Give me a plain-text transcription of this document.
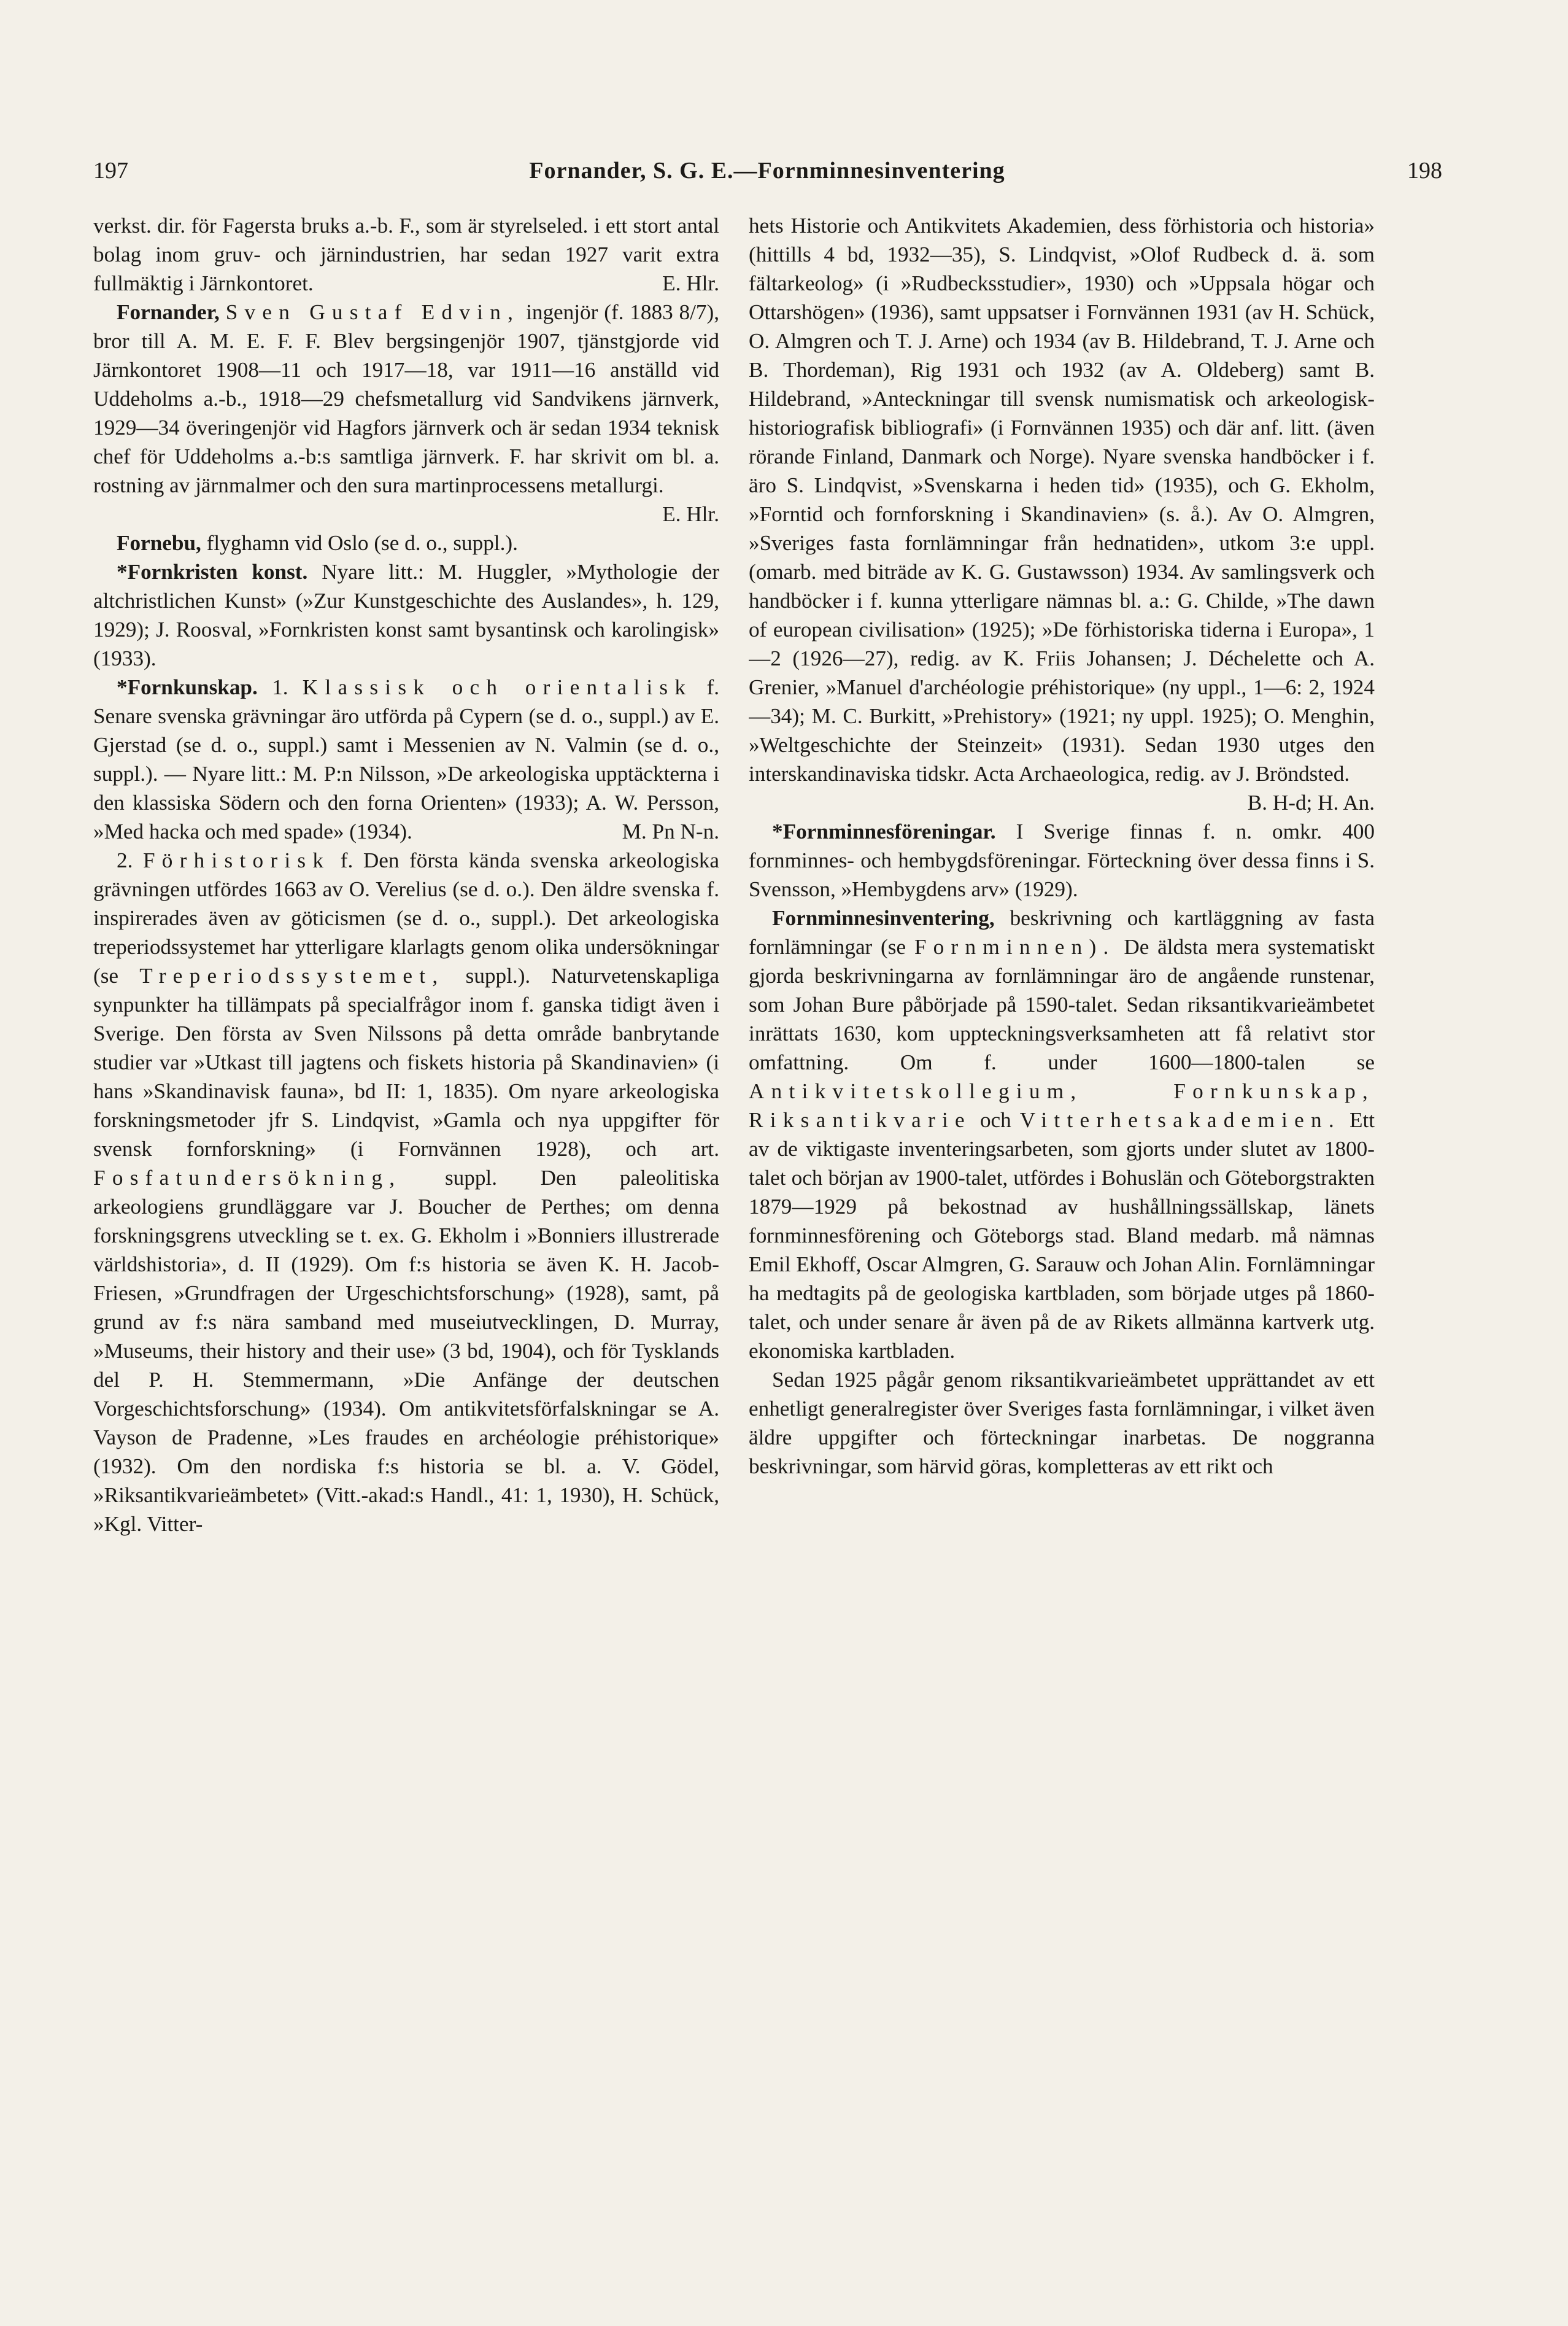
197	Fornander, S. G. E.—Fornminnesinventering	198

verkst. dir. för Fagersta bruks a.-b. F., som är styrelseled. i ett stort antal bolag inom gruv- och järnindustrien, har sedan 1927 varit extra fullmäktig i Järnkontoret.	E. Hlr.

Fornander, Sven Gustaf Edvin, ingenjör (f. 1883 8/7), bror till A. M. E. F. F. Blev bergsingenjör 1907, tjänstgjorde vid Järnkontoret 1908—11 och 1917—18, var 1911—16 anställd vid Uddeholms a.-b., 1918—29 chefsmetallurg vid Sandvikens järnverk, 1929—34 överingenjör vid Hagfors järnverk och är sedan 1934 teknisk chef för Uddeholms a.-b:s samtliga järnverk. F. har skrivit om bl. a. rostning av järnmalmer och den sura martinprocessens metallurgi.
E. Hlr.

Fornebu, flyghamn vid Oslo (se d. o., suppl.).

*Fornkristen konst. Nyare litt.: M. Huggler, »Mythologie der altchristlichen Kunst» (»Zur Kunstgeschichte des Auslandes», h. 129, 1929); J. Roosval, »Fornkristen konst samt bysantinsk och karolingisk» (1933).

*Fornkunskap. 1. Klassisk och orientalisk f. Senare svenska grävningar äro utförda på Cypern (se d. o., suppl.) av E. Gjerstad (se d. o., suppl.) samt i Messenien av N. Valmin (se d. o., suppl.). — Nyare litt.: M. P:n Nilsson, »De arkeologiska upptäckterna i den klassiska Södern och den forna Orienten» (1933); A. W. Persson, »Med hacka och med spade» (1934).	M. Pn N-n.

2. Förhistorisk f. Den första kända svenska arkeologiska grävningen utfördes 1663 av O. Verelius (se d. o.). Den äldre svenska f. inspirerades även av göticismen (se d. o., suppl.). Det arkeologiska treperiodssystemet har ytterligare klarlagts genom olika undersökningar (se Treperiodssystemet, suppl.). Naturvetenskapliga synpunkter ha tillämpats på specialfrågor inom f. ganska tidigt även i Sverige. Den första av Sven Nilssons på detta område banbrytande studier var »Utkast till jagtens och fiskets historia på Skandinavien» (i hans »Skandinavisk fauna», bd II: 1, 1835). Om nyare arkeologiska forskningsmetoder jfr S. Lindqvist, »Gamla och nya uppgifter för svensk fornforskning» (i Fornvännen 1928), och art. Fosfatundersökning, suppl. Den paleolitiska arkeologiens grundläggare var J. Boucher de Perthes; om denna forskningsgrens utveckling se t. ex. G. Ekholm i »Bonniers illustrerade världshistoria», d. II (1929). Om f:s historia se även K. H. Jacob-Friesen, »Grundfragen der Urgeschichtsforschung» (1928), samt, på grund av f:s nära samband med museiutvecklingen, D. Murray, »Museums, their history and their use» (3 bd, 1904), och för Tysklands del P. H. Stemmermann, »Die Anfänge der deutschen Vorgeschichtsforschung» (1934). Om antikvitetsförfalskningar se A. Vayson de Pradenne, »Les fraudes en archéologie préhistorique» (1932). Om den nordiska f:s historia se bl. a. V. Gödel, »Riksantikvarieämbetet» (Vitt.-akad:s Handl., 41: 1, 1930), H. Schück, »Kgl. Vitter-

hets Historie och Antikvitets Akademien, dess förhistoria och historia» (hittills 4 bd, 1932—35), S. Lindqvist, »Olof Rudbeck d. ä. som fältarkeolog» (i »Rudbecksstudier», 1930) och »Uppsala högar och Ottarshögen» (1936), samt uppsatser i Fornvännen 1931 (av H. Schück, O. Almgren och T. J. Arne) och 1934 (av B. Hildebrand, T. J. Arne och B. Thordeman), Rig 1931 och 1932 (av A. Oldeberg) samt B. Hildebrand, »Anteckningar till svensk numismatisk och arkeologisk-historiografisk bibliografi» (i Fornvännen 1935) och där anf. litt. (även rörande Finland, Danmark och Norge). Nyare svenska handböcker i f. äro S. Lindqvist, »Svenskarna i heden tid» (1935), och G. Ekholm, »Forntid och fornforskning i Skandinavien» (s. å.). Av O. Almgren, »Sveriges fasta fornlämningar från hednatiden», utkom 3:e uppl. (omarb. med biträde av K. G. Gustawsson) 1934. Av samlingsverk och handböcker i f. kunna ytterligare nämnas bl. a.: G. Childe, »The dawn of european civilisation» (1925); »De förhistoriska tiderna i Europa», 1—2 (1926—27), redig. av K. Friis Johansen; J. Déchelette och A. Grenier, »Manuel d'archéologie préhistorique» (ny uppl., 1—6: 2, 1924—34); M. C. Burkitt, »Prehistory» (1921; ny uppl. 1925); O. Menghin, »Weltgeschichte der Steinzeit» (1931). Sedan 1930 utges den interskandinaviska tidskr. Acta Archaeologica, redig. av J. Bröndsted.
B. H-d; H. An.

*Fornminnesföreningar. I Sverige finnas f. n. omkr. 400 fornminnes- och hembygdsföreningar. Förteckning över dessa finns i S. Svensson, »Hembygdens arv» (1929).

Fornminnesinventering, beskrivning och kartläggning av fasta fornlämningar (se Fornminnen). De äldsta mera systematiskt gjorda beskrivningarna av fornlämningar äro de angående runstenar, som Johan Bure påbörjade på 1590-talet. Sedan riksantikvarieämbetet inrättats 1630, kom uppteckningsverksamheten att få relativt stor omfattning. Om f. under 1600—1800-talen se Antikvitetskollegium, Fornkunskap, Riksantikvarie och Vitterhetsakademien. Ett av de viktigaste inventeringsarbeten, som gjorts under slutet av 1800-talet och början av 1900-talet, utfördes i Bohuslän och Göteborgstrakten 1879—1929 på bekostnad av hushållningssällskap, länets fornminnesförening och Göteborgs stad. Bland medarb. må nämnas Emil Ekhoff, Oscar Almgren, G. Sarauw och Johan Alin. Fornlämningar ha medtagits på de geologiska kartbladen, som började utges på 1860-talet, och under senare år även på de av Rikets allmänna kartverk utg. ekonomiska kartbladen.

Sedan 1925 pågår genom riksantikvarieämbetet upprättandet av ett enhetligt generalregister över Sveriges fasta fornlämningar, i vilket även äldre uppgifter och förteckningar inarbetas. De noggranna beskrivningar, som härvid göras, kompletteras av ett rikt och
